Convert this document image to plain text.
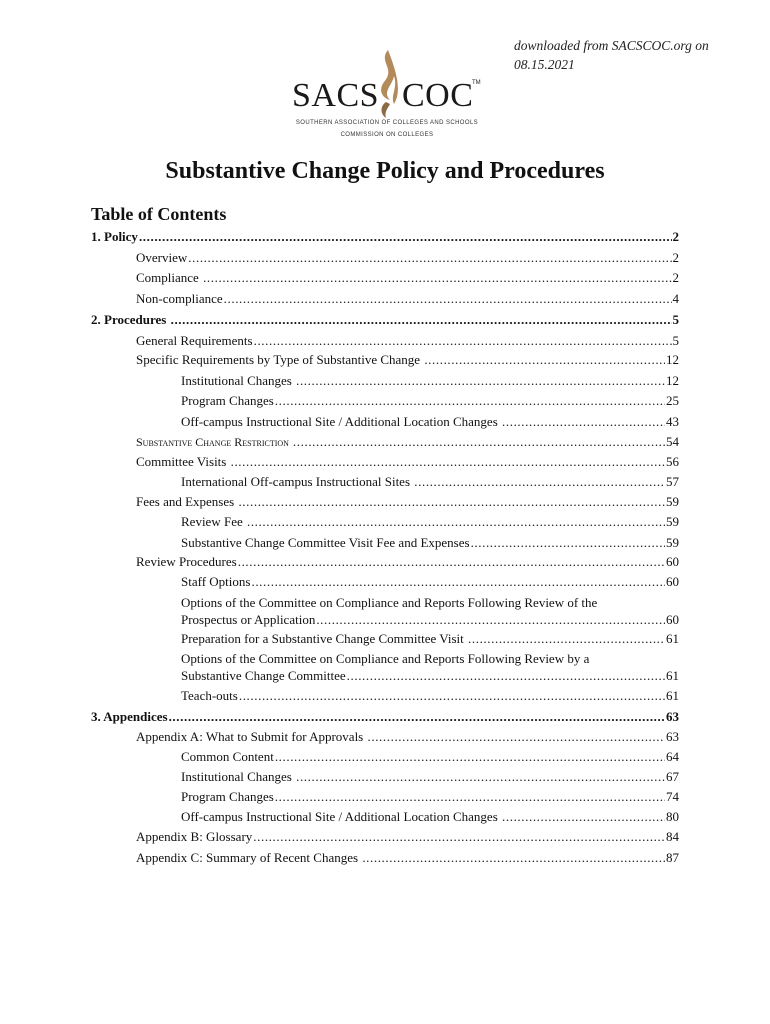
downloaded from SACSCOC.org on
08.15.2021
SACS COC
TM
SOUTHERN ASSOCIATION OF COLLEGES AND SCHOOLS
COMMISSION ON COLLEGES
Substantive Change Policy and Procedures
Table of Contents
1. Policy .....	2
Overview .....	2
Compliance .....	2
Non-compliance .....	4
2. Procedures .....	5
General Requirements .....	5
Specific Requirements by Type of Substantive Change .....	12
Institutional Changes .....	12
Program Changes .....	25
Off-campus Instructional Site / Additional Location Changes .....	43
Substantive Change Restriction .....	54
Committee Visits .....	56
International Off-campus Instructional Sites .....	57
Fees and Expenses .....	59
Review Fee .....	59
Substantive Change Committee Visit Fee and Expenses .....	59
Review Procedures .....	60
Staff Options .....	60
Options of the Committee on Compliance and Reports Following Review of the
Prospectus or Application .....	60
Preparation for a Substantive Change Committee Visit .....	61
Options of the Committee on Compliance and Reports Following Review by a
Substantive Change Committee .....	61
Teach-outs .....	61
3. Appendices .....	63
Appendix A: What to Submit for Approvals .....	63
Common Content .....	64
Institutional Changes .....	67
Program Changes .....	74
Off-campus Instructional Site / Additional Location Changes .....	80
Appendix B: Glossary .....	84
Appendix C: Summary of Recent Changes .....	87
